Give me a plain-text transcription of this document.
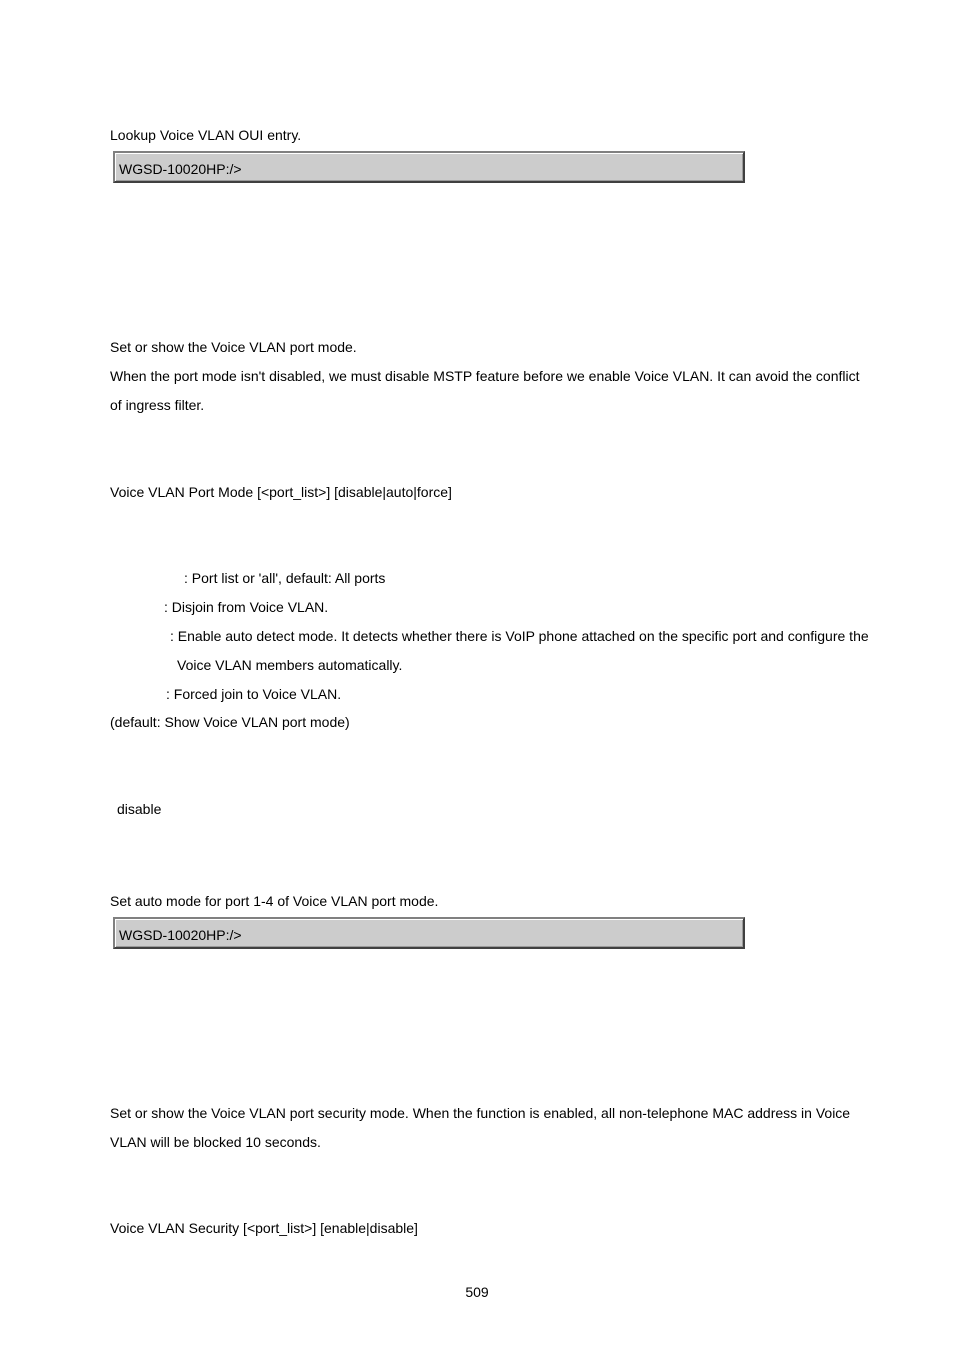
Lookup Voice VLAN OUI entry.
WGSD-10020HP:/>
Set or show the Voice VLAN port mode.
When the port mode isn't disabled, we must disable MSTP feature before we enable Voice VLAN. It can avoid the conflict
of ingress filter.
Voice VLAN Port Mode [<port_list>] [disable|auto|force]
: Port list or 'all', default: All ports
: Disjoin from Voice VLAN.
: Enable auto detect mode. It detects whether there is VoIP phone attached on the specific port and configure the
Voice VLAN members automatically.
: Forced join to Voice VLAN.
(default: Show Voice VLAN port mode)
disable
Set auto mode for port 1-4 of Voice VLAN port mode.
WGSD-10020HP:/>
Set or show the Voice VLAN port security mode. When the function is enabled, all non-telephone MAC address in Voice
VLAN will be blocked 10 seconds.
Voice VLAN Security [<port_list>] [enable|disable]
509
